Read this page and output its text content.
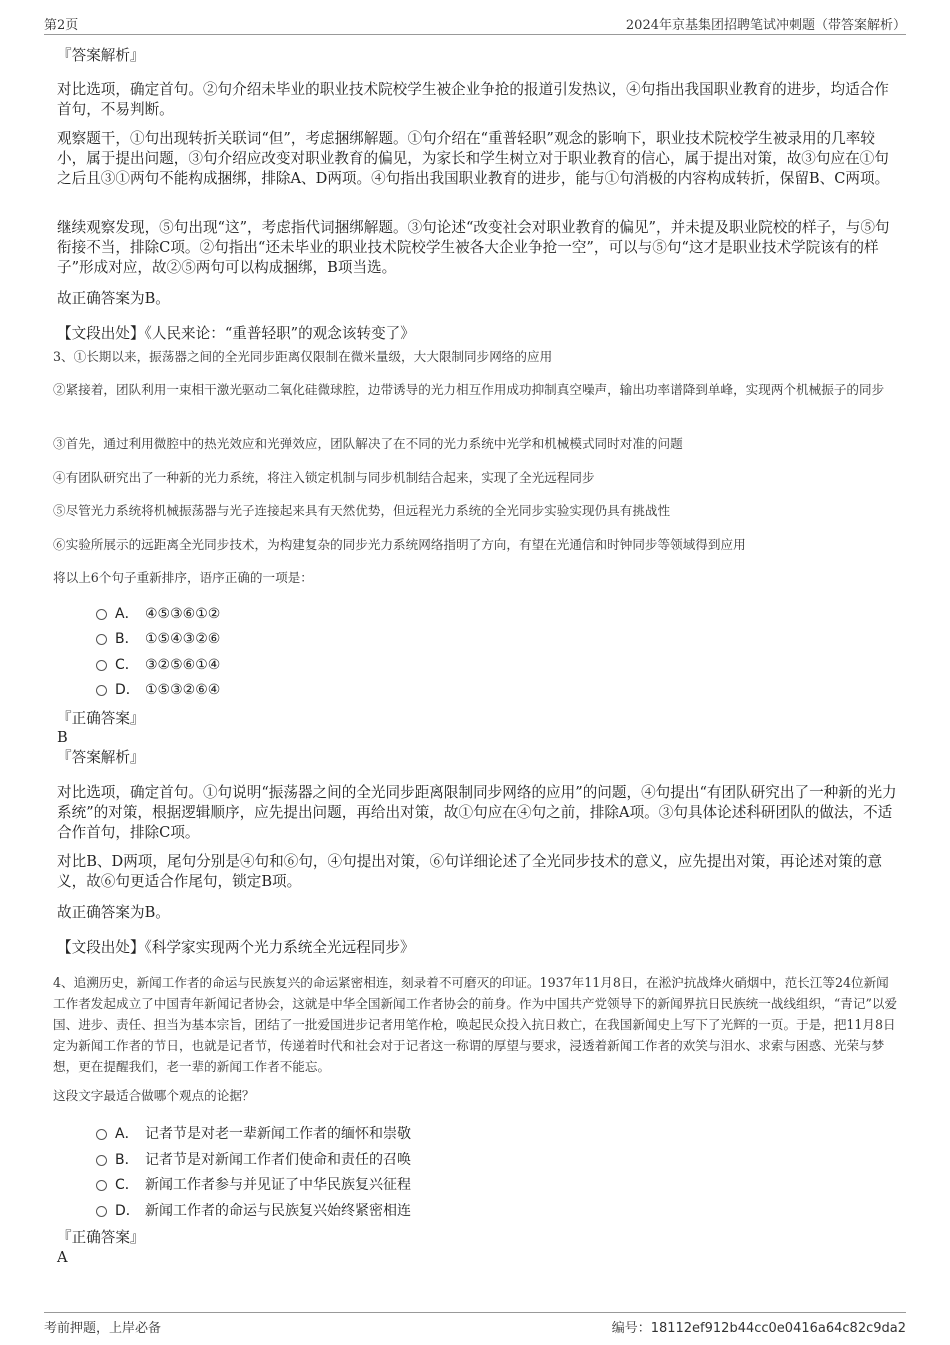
第2页	2024年京基集团招聘笔试冲刺题（带答案解析）

『答案解析』

对比选项，确定首句。②句介绍未毕业的职业技术院校学生被企业争抢的报道引发热议，④句指出我国职业教育的进步，均适合作首句，不易判断。

观察题干，①句出现转折关联词“但”，考虑捆绑解题。①句介绍在“重普轻职”观念的影响下，职业技术院校学生被录用的几率较小，属于提出问题，③句介绍应改变对职业教育的偏见，为家长和学生树立对于职业教育的信心，属于提出对策，故③句应在①句之后且③①两句不能构成捆绑，排除A、D两项。④句指出我国职业教育的进步，能与①句消极的内容构成转折，保留B、C两项。

继续观察发现，⑤句出现“这”，考虑指代词捆绑解题。③句论述“改变社会对职业教育的偏见”，并未提及职业院校的样子，与⑤句衔接不当，排除C项。②句指出“还未毕业的职业技术院校学生被各大企业争抢一空”，可以与⑤句“这才是职业技术学院该有的样子”形成对应，故②⑤两句可以构成捆绑，B项当选。

故正确答案为B。

【文段出处】《人民来论：“重普轻职”的观念该转变了》

3、①长期以来，振荡器之间的全光同步距离仅限制在微米量级，大大限制同步网络的应用

②紧接着，团队利用一束相干激光驱动二氧化硅微球腔，边带诱导的光力相互作用成功抑制真空噪声，输出功率谱降到单峰，实现两个机械振子的同步

③首先，通过利用微腔中的热光效应和光弹效应，团队解决了在不同的光力系统中光学和机械模式同时对准的问题

④有团队研究出了一种新的光力系统，将注入锁定机制与同步机制结合起来，实现了全光远程同步

⑤尽管光力系统将机械振荡器与光子连接起来具有天然优势，但远程光力系统的全光同步实验实现仍具有挑战性

⑥实验所展示的远距离全光同步技术，为构建复杂的同步光力系统网络指明了方向，有望在光通信和时钟同步等领域得到应用

将以上6个句子重新排序，语序正确的一项是：

A． ④⑤③⑥①②
B． ①⑤④③②⑥
C． ③②⑤⑥①④
D． ①⑤③②⑥④

『正确答案』

B

『答案解析』

对比选项，确定首句。①句说明“振荡器之间的全光同步距离限制同步网络的应用”的问题，④句提出“有团队研究出了一种新的光力系统”的对策，根据逻辑顺序，应先提出问题，再给出对策，故①句应在④句之前，排除A项。③句具体论述科研团队的做法，不适合作首句，排除C项。

对比B、D两项，尾句分别是④句和⑥句，④句提出对策，⑥句详细论述了全光同步技术的意义，应先提出对策，再论述对策的意义，故⑥句更适合作尾句，锁定B项。

故正确答案为B。

【文段出处】《科学家实现两个光力系统全光远程同步》

4、追溯历史，新闻工作者的命运与民族复兴的命运紧密相连，刻录着不可磨灭的印证。1937年11月8日，在淞沪抗战烽火硝烟中，范长江等24位新闻工作者发起成立了中国青年新闻记者协会，这就是中华全国新闻工作者协会的前身。作为中国共产党领导下的新闻界抗日民族统一战线组织，“青记”以爱国、进步、责任、担当为基本宗旨，团结了一批爱国进步记者用笔作枪，唤起民众投入抗日救亡，在我国新闻史上写下了光辉的一页。于是，把11月8日定为新闻工作者的节日，也就是记者节，传递着时代和社会对于记者这一称谓的厚望与要求，浸透着新闻工作者的欢笑与泪水、求索与困惑、光荣与梦想，更在提醒我们，老一辈的新闻工作者不能忘。

这段文字最适合做哪个观点的论据？

A． 记者节是对老一辈新闻工作者的缅怀和崇敬
B． 记者节是对新闻工作者们使命和责任的召唤
C． 新闻工作者参与并见证了中华民族复兴征程
D． 新闻工作者的命运与民族复兴始终紧密相连

『正确答案』

A

考前押题，上岸必备	编号：18112ef912b44cc0e0416a64c82c9da2
